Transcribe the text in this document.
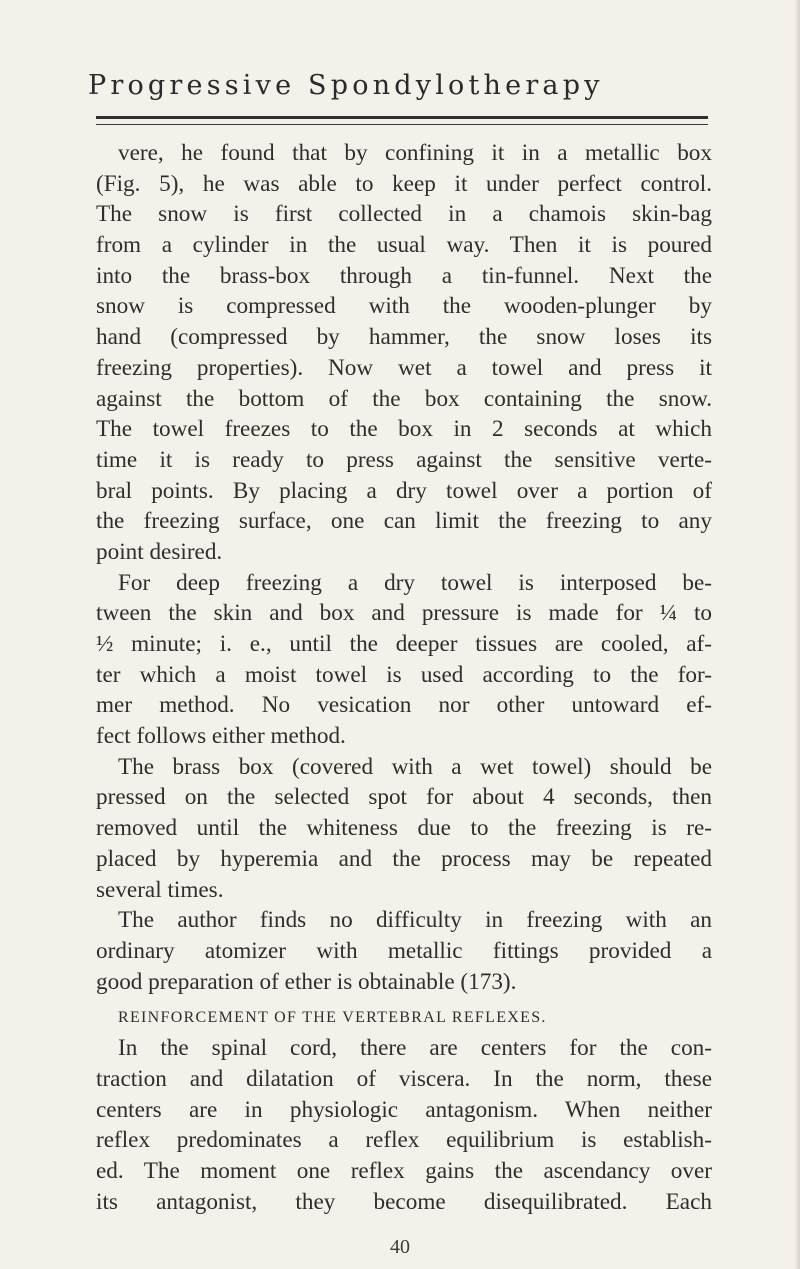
Progressive Spondylotherapy
vere, he found that by confining it in a metallic box
(Fig. 5), he was able to keep it under perfect control.
The snow is first collected in a chamois skin-bag
from a cylinder in the usual way. Then it is poured
into the brass-box through a tin-funnel. Next the
snow is compressed with the wooden-plunger by
hand (compressed by hammer, the snow loses its
freezing properties). Now wet a towel and press it
against the bottom of the box containing the snow.
The towel freezes to the box in 2 seconds at which
time it is ready to press against the sensitive verte-
bral points. By placing a dry towel over a portion of
the freezing surface, one can limit the freezing to any
point desired.
For deep freezing a dry towel is interposed be-
tween the skin and box and pressure is made for ¼ to
½ minute; i. e., until the deeper tissues are cooled, af-
ter which a moist towel is used according to the for-
mer method. No vesication nor other untoward ef-
fect follows either method.
The brass box (covered with a wet towel) should be
pressed on the selected spot for about 4 seconds, then
removed until the whiteness due to the freezing is re-
placed by hyperemia and the process may be repeated
several times.
The author finds no difficulty in freezing with an
ordinary atomizer with metallic fittings provided a
good preparation of ether is obtainable (173).
REINFORCEMENT OF THE VERTEBRAL REFLEXES.
In the spinal cord, there are centers for the con-
traction and dilatation of viscera. In the norm, these
centers are in physiologic antagonism. When neither
reflex predominates a reflex equilibrium is establish-
ed. The moment one reflex gains the ascendancy over
its antagonist, they become disequilibrated. Each
40
